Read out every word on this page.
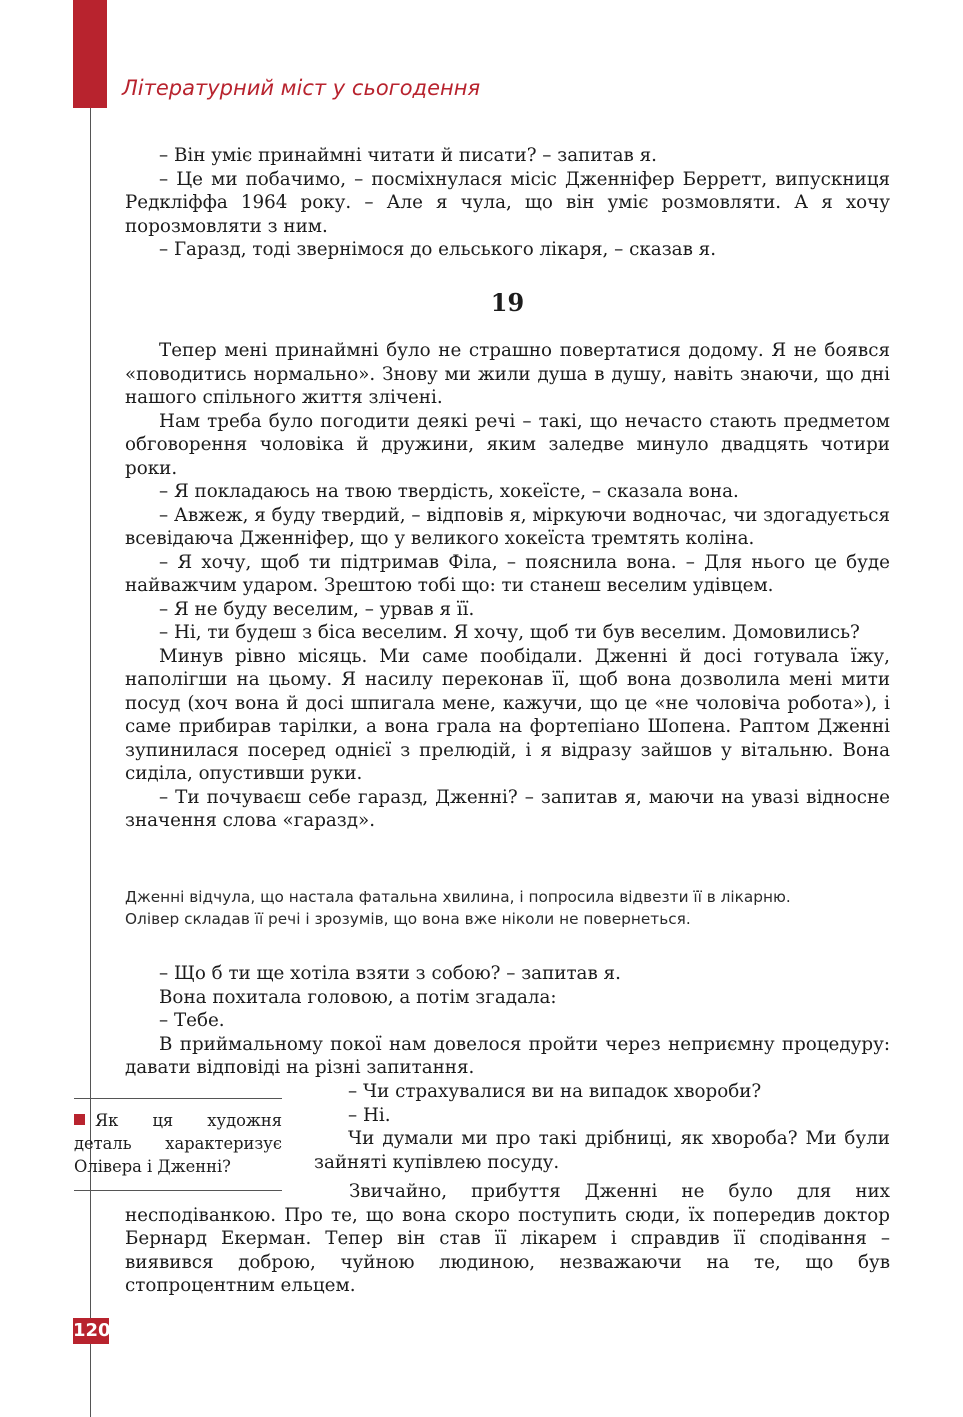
Літературний міст у сьогодення

– Він уміє принаймні читати й писати? – запитав я.

– Це ми побачимо, – посміхнулася місіс Дженніфер Берретт, випускниця Редкліффа 1964 року. – Але я чула, що він уміє розмовляти. А я хочу порозмовляти з ним.

– Гаразд, тоді звернімося до ельського лікаря, – сказав я.

19

Тепер мені принаймні було не страшно повертатися додому. Я не боявся «поводитись нормально». Знову ми жили душа в душу, навіть знаючи, що дні нашого спільного життя злічені.

Нам треба було погодити деякі речі – такі, що нечасто стають предметом обговорення чоловіка й дружини, яким заледве минуло двадцять чотири роки.

– Я покладаюсь на твою твердість, хокеїсте, – сказала вона.

– Авжеж, я буду твердий, – відповів я, міркуючи водночас, чи здогадується всевідаюча Дженніфер, що у великого хокеїста тремтять коліна.

– Я хочу, щоб ти підтримав Філа, – пояснила вона. – Для нього це буде найважчим ударом. Зрештою тобі що: ти станеш веселим удівцем.

– Я не буду веселим, – урвав я її.

– Ні, ти будеш з біса веселим. Я хочу, щоб ти був веселим. Домовились?

Минув рівно місяць. Ми саме пообідали. Дженні й досі готувала їжу, наполігши на цьому. Я насилу переконав її, щоб вона дозволила мені мити посуд (хоч вона й досі шпигала мене, кажучи, що це «не чоловіча робота»), і саме прибирав тарілки, а вона грала на фортепіано Шопена. Раптом Дженні зупинилася посеред однієї з прелюдій, і я відразу зайшов у вітальню. Вона сиділа, опустивши руки.

– Ти почуваєш себе гаразд, Дженні? – запитав я, маючи на увазі відносне значення слова «гаразд».

Дженні відчула, що настала фатальна хвилина, і попросила відвезти її в лікарню.

Олівер складав її речі і зрозумів, що вона вже ніколи не повернеться.

– Що б ти ще хотіла взяти з собою? – запитав я.

Вона похитала головою, а потім згадала:

– Тебе.

В приймальному покої нам довелося пройти через неприємну процедуру: давати відповіді на різні запитання.

Як ця художня деталь характеризує Олівера і Дженні?

– Чи страхувалися ви на випадок хвороби?

– Ні.

Чи думали ми про такі дрібниці, як хвороба? Ми були зайняті купівлею посуду.

Звичайно, прибуття Дженні не було для них несподіванкою. Про те, що вона скоро поступить сюди, їх попередив доктор Бернард Екерман. Тепер він став її лікарем і справдив її сподівання – виявився доброю, чуйною людиною, незважаючи на те, що був стопроцентним ельцем.

120
